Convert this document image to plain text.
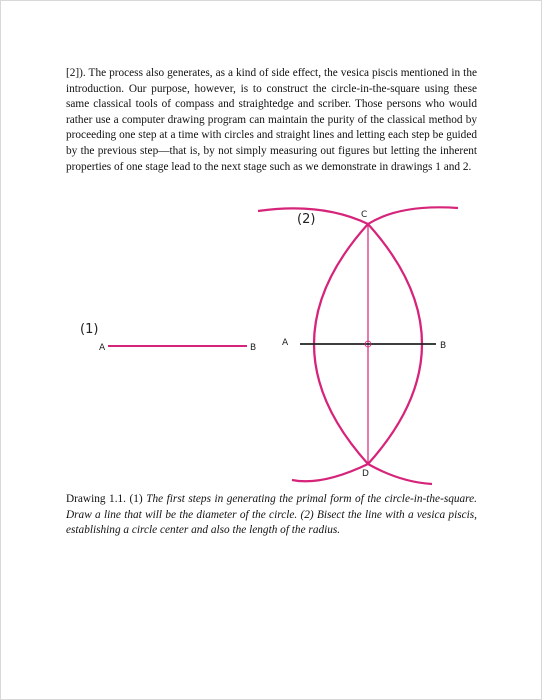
[2]). The process also generates, as a kind of side effect, the vesica piscis mentioned in the introduction. Our purpose, however, is to construct the circle-in-the-square using these same classical tools of compass and straightedge and scriber. Those persons who would rather use a computer drawing program can maintain the purity of the classical method by proceeding one step at a time with circles and straight lines and letting each step be guided by the previous step—that is, by not simply measuring out figures but letting the inherent properties of one stage lead to the next stage such as we demonstrate in drawings 1 and 2.

(1)
A	B
(2)
A	B
C
D

Drawing 1.1. (1) The first steps in generating the primal form of the circle-in-the-square. Draw a line that will be the diameter of the circle. (2) Bisect the line with a vesica piscis, establishing a circle center and also the length of the radius.
